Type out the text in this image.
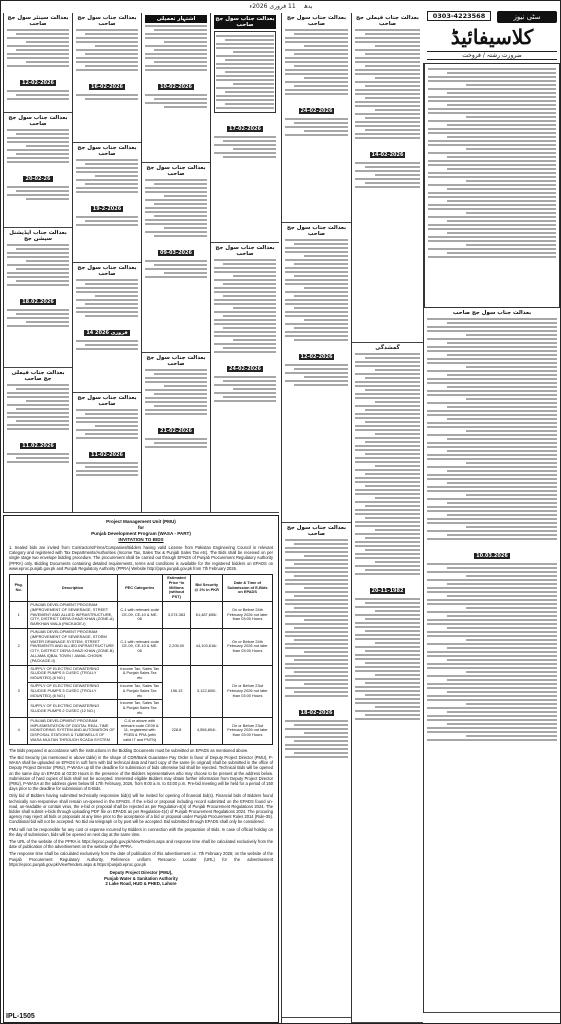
بدھ 11 فروری 2026ء
0303-4223568	سٹی نیوز
کلاسیفائیڈ
ضرورت رشتہ / فروخت
بعدالت سینئر سول جج صاحب
12-02-2026
بعدالت جناب سول جج صاحب
20-02-26
بعدالت جناب ایڈیشنل سیشن جج
18.02.2026
بعدالت جناب فیملی جج صاحب
11.02.2026
بعدالت جناب سول جج صاحب
16-02-2026
بعدالت جناب سول جج صاحب
19-2-2026
بعدالت جناب سول جج صاحب
14 فروری 2026
بعدالت جناب سول جج صاحب
11-02-2026
اشتہار تعمیلی
10-02-2026
بعدالت جناب سول جج صاحب
09-03-2026
بعدالت جناب سول جج صاحب
21-02-2026
بعدالت جناب سول جج صاحب
17-02-2026
بعدالت جناب سول جج صاحب
24-02-2026
بعدالت جناب سول جج صاحب
24-02-2026
بعدالت جناب سول جج صاحب
12-02-2026
بعدالت جناب سول جج صاحب
18-02-2026
بعدالت جناب فیملی جج صاحب
14-02-2026
گمشدگی
20-11-1982
بعدالت جناب سول جج صاحب
10.03.2026
Project Management Unit (PMU)
for
Punjab Development Program (WASA - PART)
INVITATION TO BIDS

1. Sealed bids are invited from Contractors/Firms/Companies/Bidders having valid License from Pakistan Engineering Council in relevant Category and registered with Tax Departments/Authorities (Income Tax, Sales Tax & Punjab Sales Tax etc). The Bids shall be received on per single stage two envelope bidding procedure. The procurement shall be carried out through EPADS of Punjab Procurement Regulatory Authority (PPRA) only. Bidding Documents containing detailed requirements, terms and conditions is available for the registered bidders on EPADS on www.eproc.punjab.gov.pk and Punjab Regulatory Authority (PPRA) Website http://ppra.punjab.gov.pk from 7th February 2026.

Pkg. No.	Description	PEC Categories	Estimated Price *in Millions (without PST)	Bid Security @ 2% in PKR	Date & Time of Submission of E-Bids on EPADS
1	PUNJAB DEVELOPMENT PROGRAM (IMPROVEMENT OF SEWERAGE, STREET PAVEMENT AND ALLIED INFRASTRUCTURE, CITY, DISTRICT DERA GHAZI KHAN (ZONE-A) BARKHAN WALA (PACKAGE-I)	C-1 with relevant code CE-09, CE-10 & ME-06	3,074.383	61,487,655/-	On or Before 24th February 2026 not later than 03:00 Hours
2	PUNJAB DEVELOPMENT PROGRAM (IMPROVEMENT OF SEWERAGE, STORM WATER DRAINAGE SYSTEM, STREET PAVEMENTS AND ALLIED INFRASTRUCTURE CITY, DISTRICT DERA GHAZI KHAN (ZONE-B) ALLAMA IQBAL TOWN / JAMAL CHOWK (PACKAGE-II)	C-1 with relevant code CE-09, CE-10 & ME-06	2,205.00	44,103,616/-	On or Before 24th February 2026 not later than 03:00 Hours
3	SUPPLY OF ELECTRIC DEWATERING SLUDGE PUMPS 5 CUSEC (TROLLY MOUNTED) (6 NO.)	Income Tax, Sales Tax & Punjab Sales Tax etc	156.13	3,122,600/-	On or Before 23rd February 2026 not later than 03:00 Hours
	SUPPLY OF ELECTRIC DEWATERING SLUDGE PUMPS 3 CUSEC (TROLLY MOUNTED) (6 NO.)	Income Tax, Sales Tax & Punjab Sales Tax etc			
	SUPPLY OF ELECTRIC DEWATERING SLUDGE PUMPS 2 CUSEC (12 NO.)	Income Tax, Sales Tax & Punjab Sales Tax etc			
4	PUNJAB DEVELOPMENT PROGRAM IMPLEMENTATION OF DIGITAL REAL-TIME MONITORING SYSTEM AND AUTOMATION OF DISPOSAL STATIONS & TUBEWELLS OF WASA MULTAN THROUGH SCADA SYSTEM	C-6 or above with relevant code CE09 & 11, registered with PSEB & PRA (with valid IT and PNTN)	228.8	4,556,804/-	On or Before 23rd February 2026 not later than 03:00 Hours

The Bids prepared in accordance with the instructions in the Bidding Documents must be submitted on EPADS as mentioned above.

The Bid Security (as mentioned in above table) in the shape of CDR/Bank Guarantee Pay Order in favor of Deputy Project Director (PMU), P-WASA shall be uploaded on EPADS in soft form with bid technical data and hard copy of the same (in original) shall be submitted in the office of Deputy Project Director (PMU), P-WASA up till the deadline for submission of bids otherwise bid shall be rejected. Technical Bids will be opened on the same day on EPADS at 03:30 Hours in the presence of the Bidders representatives who may choose to be present at the address below. Submission of hard copies of bids shall not be accepted. Interested eligible Bidders may obtain further information from Deputy Project Director (PMU), P-WASA at the address given below till 17th February, 2026, from 9:00 a.m. to 03:00 p.m. Pre-bid meeting will be held for a period of 150 days prior to the deadline for submission of E-Bids.

Only bid of Bidders having submitted technically responsive bid(s) will be invited for opening of financial bid(s). Financial bids of Bidders found technically non-responsive shall remain un-opened in the EPADS. If the e-bid or proposal including record submitted on the EPADS found un-read, un-readable or contain virus, the e-bid or proposal shall be rejected as per Regulation-4(4) of Punjab Procurement Regulations 2024. The bidder shall submit e-bids through uploading PDF file on EPADS as per Regulation-4(4) of Punjab Procurement Regulations 2024. The procuring agency may reject all bids or proposals at any time prior to the acceptance of a bid or proposal under Punjab Procurement Rules 2014 (Rule-35). Conditional bid will not be accepted. No Bid via telegraph or by post will be accepted. Bid submitted through EPADS shall only be considered.

PMU will not be responsible for any cost or expense incurred by Bidders in connection with the preparation of Bids. In case of official holiday on the day of submission, bids will be opened on next day at the same time.

The URL of the website of the PPRA is https://eproc.punjab.gov.pk/ViewTenders.aspx and response time shall be calculated exclusively from the date of publication of the advertisement on the website of the PPRA.

The response time shall be calculated exclusively from the date of publication of this advertisement i.e. 7th February 2026; on the website of the Punjab Procurement Regulatory Authority, Reference uniform Resource Locator (URL) for the advertisement https://eproc.punjab.gov.pk/ViewTenders.aspx & https://punjab.eproc.gov.pk

Deputy Project Director (PMU),
Punjab Water & Sanitation Authority
2 Lake Road, HUD & PHED, Lahore
IPL-1505
